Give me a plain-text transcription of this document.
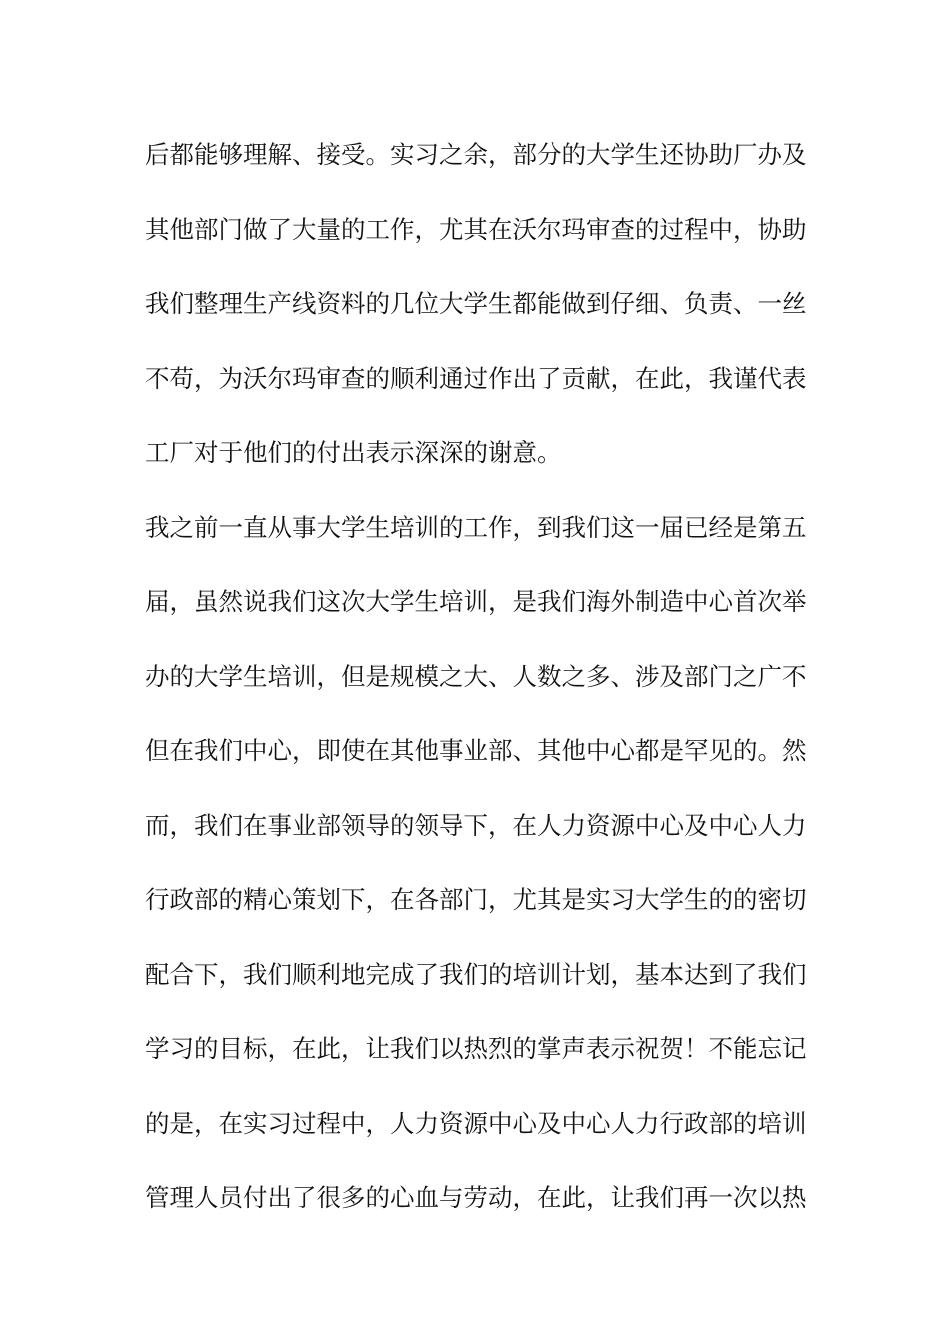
后都能够理解、接受。实习之余，部分的大学生还协助厂办及
其他部门做了大量的工作，尤其在沃尔玛审查的过程中，协助
我们整理生产线资料的几位大学生都能做到仔细、负责、一丝
不苟，为沃尔玛审查的顺利通过作出了贡献，在此，我谨代表
工厂对于他们的付出表示深深的谢意。
我之前一直从事大学生培训的工作，到我们这一届已经是第五
届，虽然说我们这次大学生培训，是我们海外制造中心首次举
办的大学生培训，但是规模之大、人数之多、涉及部门之广不
但在我们中心，即使在其他事业部、其他中心都是罕见的。然
而，我们在事业部领导的领导下，在人力资源中心及中心人力
行政部的精心策划下，在各部门，尤其是实习大学生的的密切
配合下，我们顺利地完成了我们的培训计划，基本达到了我们
学习的目标，在此，让我们以热烈的掌声表示祝贺！不能忘记
的是，在实习过程中，人力资源中心及中心人力行政部的培训
管理人员付出了很多的心血与劳动，在此，让我们再一次以热
